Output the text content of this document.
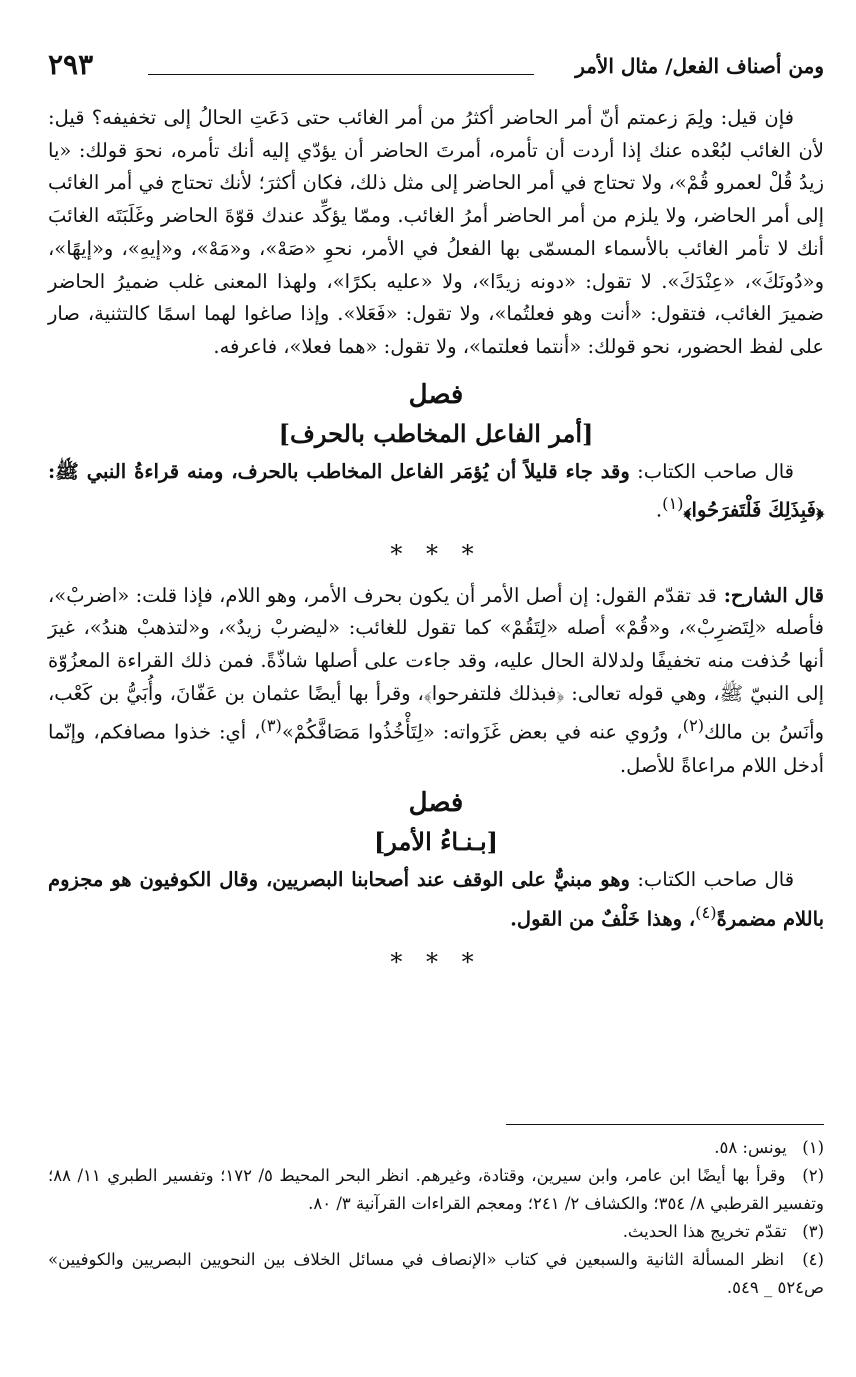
ومن أصناف الفعل/ مثال الأمر
٢٩٣

فإن قيل: ولِمَ زعمتم أنّ أمر الحاضر أكثرُ من أمر الغائب حتى دَعَتِ الحالُ إلى تخفيفه؟ قيل: لأن الغائب لبُعْده عنك إذا أردت أن تأمره، أمرتَ الحاضر أن يؤدّي إليه أنك تأمره، نحوَ قولك: «يا زيدُ قُلْ لعمرو قُمْ»، ولا تحتاج في أمر الحاضر إلى مثل ذلك، فكان أكثرَ؛ لأنك تحتاج في أمر الغائب إلى أمر الحاضر، ولا يلزم من أمر الحاضر أمرُ الغائب. وممّا يؤكِّد عندك قوّةَ الحاضر وغَلَبَتَه الغائبَ أنك لا تأمر الغائب بالأسماء المسمّى بها الفعلُ في الأمر، نحوِ «صَهْ»، و«مَهْ»، و«إيهِ»، و«إيهًا»، و«دُونَكَ»، «عِنْدَكَ». لا تقول: «دونه زيدًا»، ولا «عليه بكرًا»، ولهذا المعنى غلب ضميرُ الحاضر ضميرَ الغائب، فتقول: «أنت وهو فعلتُما»، ولا تقول: «فَعَلا». وإذا صاغوا لهما اسمًا كالتثنية، صار على لفظ الحضور، نحو قولك: «أنتما فعلتما»، ولا تقول: «هما فعلا»، فاعرفه.

فصل
[أمر الفاعل المخاطب بالحرف]

قال صاحب الكتاب: وقد جاء قليلاً أن يُؤمَر الفاعل المخاطب بالحرف، ومنه قراءةُ النبي ﷺ: ﴿فَبِذَلِكَ فَلْتَفرَحُوا﴾$^{(١)}$.

* * *

قال الشارح: قد تقدّم القول: إن أصل الأمر أن يكون بحرف الأمر، وهو اللام، فإذا قلت: «اضربْ»، فأصله «لِتَضرِبْ»، و«قُمْ» أصله «لِتَقُمْ» كما تقول للغائب: «ليضربْ زيدٌ»، و«لتذهبْ هندُ»، غيرَ أنها حُذفت منه تخفيفًا ولدلالة الحال عليه، وقد جاءت على أصلها شاذّةً. فمن ذلك القراءة المعزُوّة إلى النبيّ ﷺ، وهي قوله تعالى: ﴿فبذلك فلتفرحوا﴾، وقرأ بها أيضًا عثمان بن عَفّانَ، وأُبَيُّ بن كَعْب، وأنَسُ بن مالك$^{(٢)}$، ورُوي عنه في بعض غَزَواته: «لِتَأْخُذُوا مَصَافَّكُمْ»$^{(٣)}$، أي: خذوا مصافكم، وإنّما أدخل اللام مراعاةً للأصل.

فصل
[بـنـاءُ الأمر]

قال صاحب الكتاب: وهو مبنيٌّ على الوقف عند أصحابنا البصريين، وقال الكوفيون هو مجزوم باللام مضمرةً$^{(٤)}$، وهذا خَلْفٌ من القول.

* * *

(١) يونس: ٥٨.

(٢) وقرأ بها أيضًا ابن عامر، وابن سيرين، وقتادة، وغيرهم. انظر البحر المحيط ٥/ ١٧٢؛ وتفسير الطبري ١١/ ٨٨؛ وتفسير القرطبي ٨/ ٣٥٤؛ والكشاف ٢/ ٢٤١؛ ومعجم القراءات القرآنية ٣/ ٨٠.

(٣) تقدّم تخريج هذا الحديث.

(٤) انظر المسألة الثانية والسبعين في كتاب «الإنصاف في مسائل الخلاف بين النحويين البصريين والكوفيين» ص٥٢٤ _ ٥٤٩.
